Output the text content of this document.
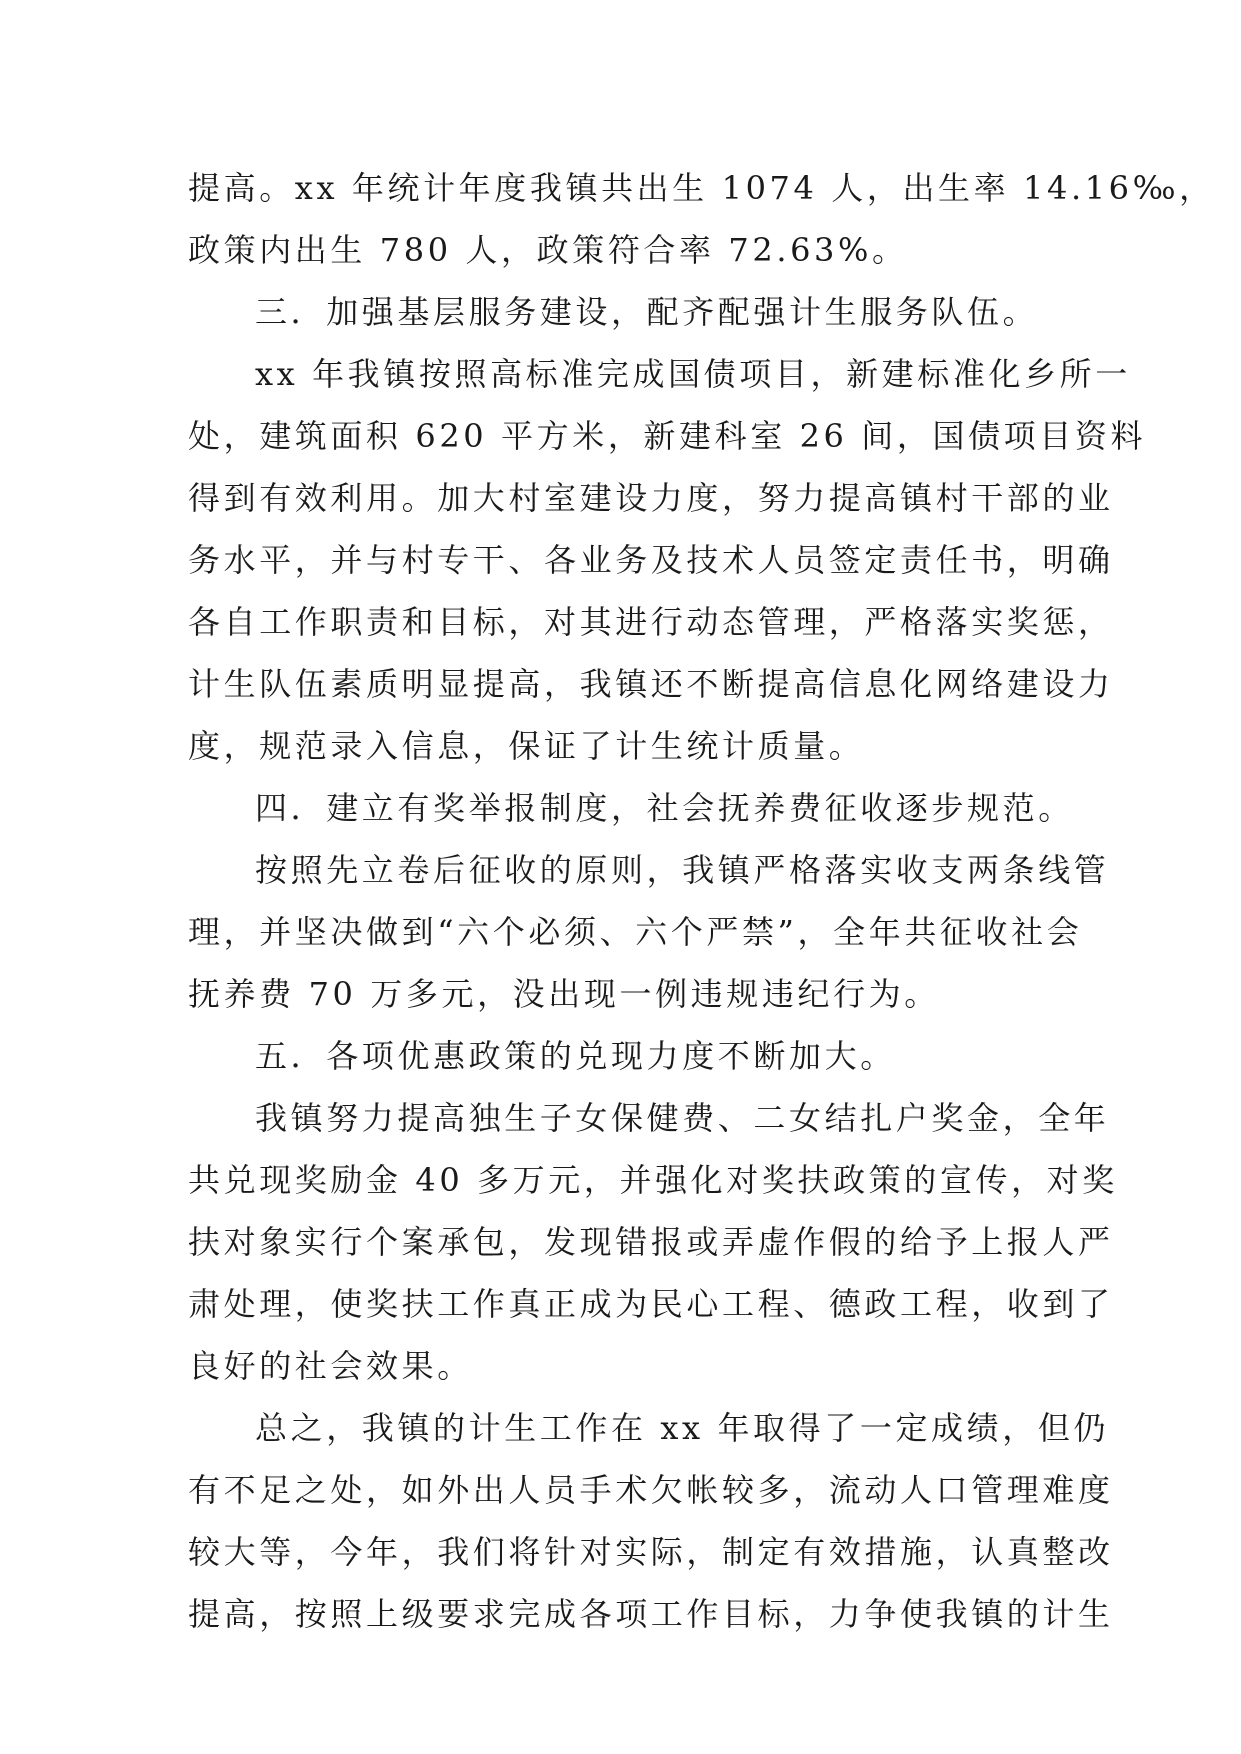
提高。xx 年统计年度我镇共出生 1074 人，出生率 14.16‰，
政策内出生 780 人，政策符合率 72.63%。
三．加强基层服务建设，配齐配强计生服务队伍。
xx 年我镇按照高标准完成国债项目，新建标准化乡所一
处，建筑面积 620 平方米，新建科室 26 间，国债项目资料
得到有效利用。加大村室建设力度，努力提高镇村干部的业
务水平，并与村专干、各业务及技术人员签定责任书，明确
各自工作职责和目标，对其进行动态管理，严格落实奖惩，
计生队伍素质明显提高，我镇还不断提高信息化网络建设力
度，规范录入信息，保证了计生统计质量。
四．建立有奖举报制度，社会抚养费征收逐步规范。
按照先立卷后征收的原则，我镇严格落实收支两条线管
理，并坚决做到“六个必须、六个严禁”，全年共征收社会
抚养费 70 万多元，没出现一例违规违纪行为。
五．各项优惠政策的兑现力度不断加大。
我镇努力提高独生子女保健费、二女结扎户奖金，全年
共兑现奖励金 40 多万元，并强化对奖扶政策的宣传，对奖
扶对象实行个案承包，发现错报或弄虚作假的给予上报人严
肃处理，使奖扶工作真正成为民心工程、德政工程，收到了
良好的社会效果。
总之，我镇的计生工作在 xx 年取得了一定成绩，但仍
有不足之处，如外出人员手术欠帐较多，流动人口管理难度
较大等，今年，我们将针对实际，制定有效措施，认真整改
提高，按照上级要求完成各项工作目标，力争使我镇的计生
